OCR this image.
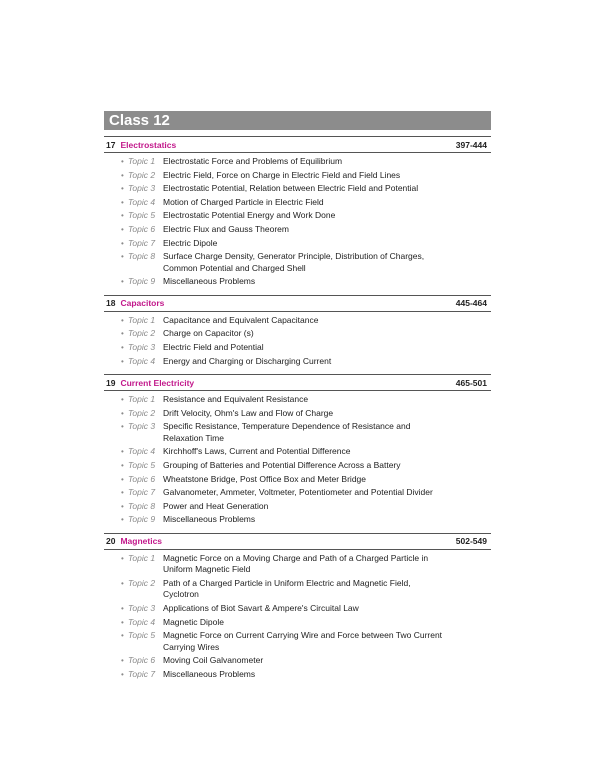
Class 12
17 Electrostatics	397-444
• Topic 1 Electrostatic Force and Problems of Equilibrium
• Topic 2 Electric Field, Force on Charge in Electric Field and Field Lines
• Topic 3 Electrostatic Potential, Relation between Electric Field and Potential
• Topic 4 Motion of Charged Particle in Electric Field
• Topic 5 Electrostatic Potential Energy and Work Done
• Topic 6 Electric Flux and Gauss Theorem
• Topic 7 Electric Dipole
• Topic 8 Surface Charge Density, Generator Principle, Distribution of Charges, Common Potential and Charged Shell
• Topic 9 Miscellaneous Problems
18 Capacitors	445-464
• Topic 1 Capacitance and Equivalent Capacitance
• Topic 2 Charge on Capacitor (s)
• Topic 3 Electric Field and Potential
• Topic 4 Energy and Charging or Discharging Current
19 Current Electricity	465-501
• Topic 1 Resistance and Equivalent Resistance
• Topic 2 Drift Velocity, Ohm's Law and Flow of Charge
• Topic 3 Specific Resistance, Temperature Dependence of Resistance and Relaxation Time
• Topic 4 Kirchhoff's Laws, Current and Potential Difference
• Topic 5 Grouping of Batteries and Potential Difference Across a Battery
• Topic 6 Wheatstone Bridge, Post Office Box and Meter Bridge
• Topic 7 Galvanometer, Ammeter, Voltmeter, Potentiometer and Potential Divider
• Topic 8 Power and Heat Generation
• Topic 9 Miscellaneous Problems
20 Magnetics	502-549
• Topic 1 Magnetic Force on a Moving Charge and Path of a Charged Particle in Uniform Magnetic Field
• Topic 2 Path of a Charged Particle in Uniform Electric and Magnetic Field, Cyclotron
• Topic 3 Applications of Biot Savart & Ampere's Circuital Law
• Topic 4 Magnetic Dipole
• Topic 5 Magnetic Force on Current Carrying Wire and Force between Two Current Carrying Wires
• Topic 6 Moving Coil Galvanometer
• Topic 7 Miscellaneous Problems
